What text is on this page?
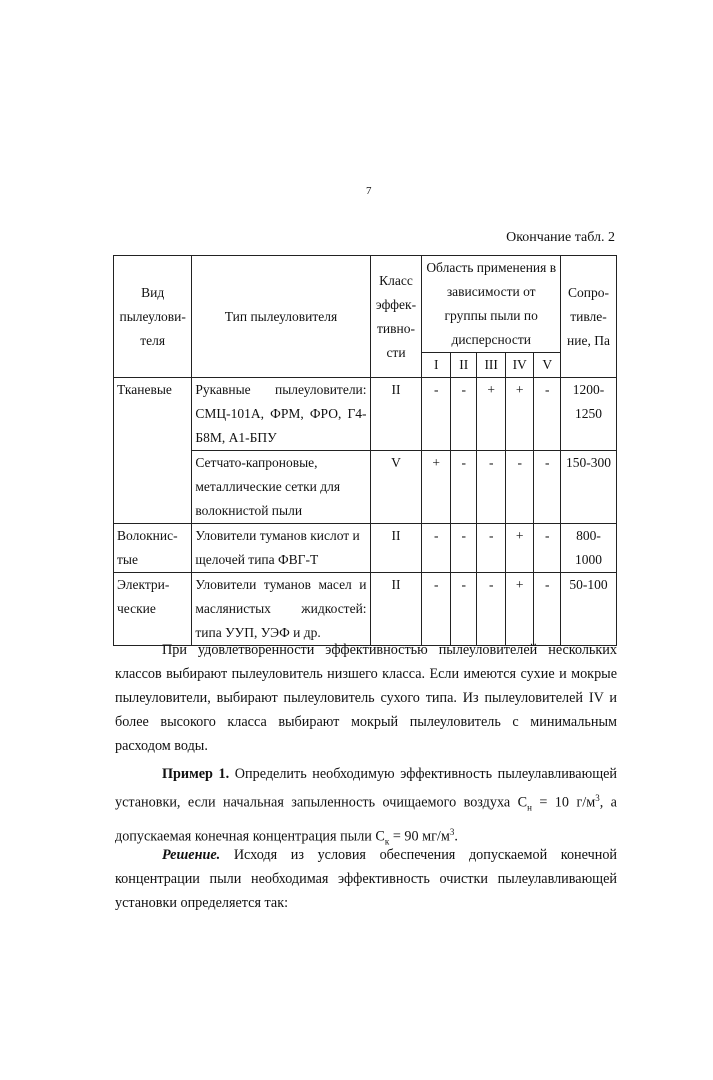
7
Окончание табл. 2
Вид пылеулови-теля	Тип пылеуловителя	Класс эффек-тивно-сти	Область применения в зависимости от группы пыли по дисперсности					Сопро-тивле-ние, Па
			I	II	III	IV	V	
Тканевые	Рукавные пылеуловители: СМЦ-101А, ФРМ, ФРО, Г4-Б8М, А1-БПУ	II	-	-	+	+	-	1200-1250
	Сетчато-капроновые, металлические сетки для волокнистой пыли	V	+	-	-	-	-	150-300
Волокнис-тые	Уловители туманов кислот и щелочей типа ФВГ-Т	II	-	-	-	+	-	800-1000
Электри-ческие	Уловители туманов масел и маслянистых жидкостей: типа УУП, УЭФ и др.	II	-	-	-	+	-	50-100

При удовлетворенности эффективностью пылеуловителей нескольких классов выбирают пылеуловитель низшего класса. Если имеются сухие и мокрые пылеуловители, выбирают пылеуловитель сухого типа. Из пылеуловителей IV и более высокого класса выбирают мокрый пылеуловитель с минимальным расходом воды.

Пример 1. Определить необходимую эффективность пылеулавливающей установки, если начальная запыленность очищаемого воздуха $C_н = 10$ $г/м^3$, а допускаемая конечная концентрация пыли $C_к = 90$ $мг/м^3$.

Решение. Исходя из условия обеспечения допускаемой конечной концентрации пыли необходимая эффективность очистки пылеулавливающей установки определяется так:
